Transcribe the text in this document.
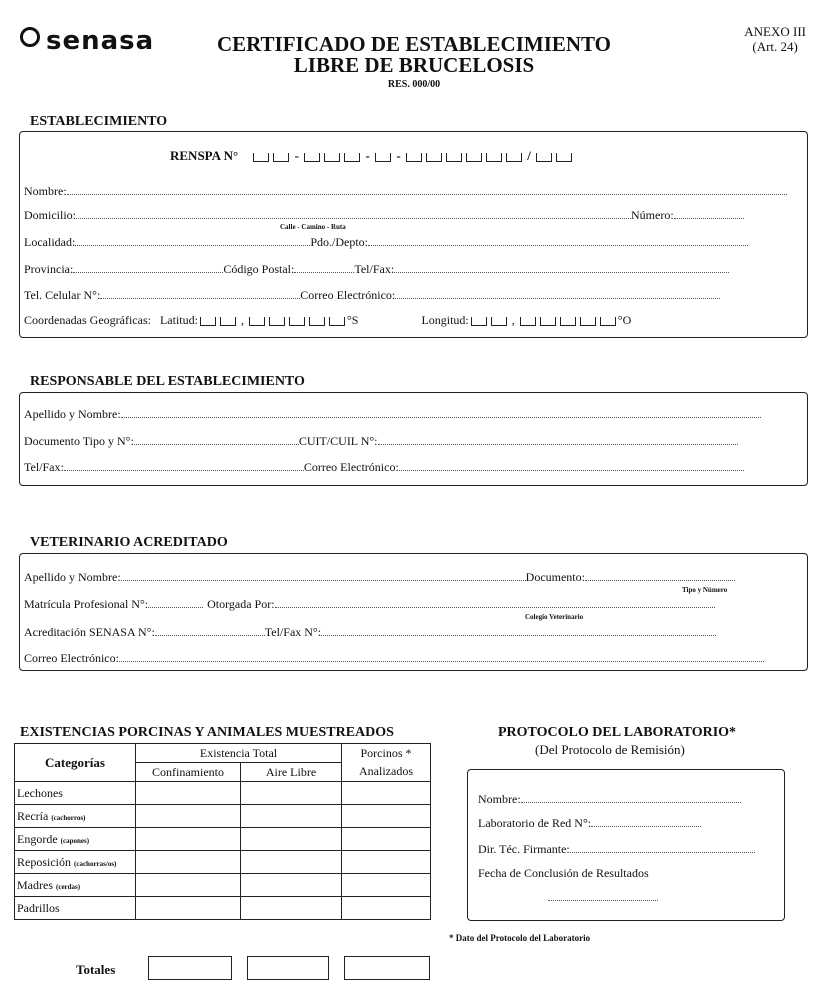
senasa	CERTIFICADO DE ESTABLECIMIENTO
LIBRE DE BRUCELOSIS
RES. 000/00
ANEXO III
(Art. 24)
ESTABLECIMIENTO
RENSPA N°	-	-  -	/
Nombre:
Domicilio:	Número:
Calle - Camino - Ruta
Localidad:	Pdo./Depto:
Provincia:	Código Postal:	Tel/Fax:
Tel. Celular N°:	Correo Electrónico:
Coordenadas Geográficas: Latitud:	,	°S	Longitud:	,	°O
RESPONSABLE DEL ESTABLECIMIENTO
Apellido y Nombre:
Documento Tipo y N°:	CUIT/CUIL N°:
Tel/Fax:	Correo Electrónico:
VETERINARIO ACREDITADO
Apellido y Nombre:	Documento:
Tipo y Número
Matrícula Profesional N°:	Otorgada Por:
Colegio Veterinario
Acreditación SENASA N°:	Tel/Fax N°:
Correo Electrónico:
EXISTENCIAS PORCINAS Y ANIMALES MUESTREADOS
Categorías	Existencia Total		Porcinos *
	Confinamiento	Aire Libre	Analizados
Lechones			
Recría (cachorros)			
Engorde (capones)			
Reposición (cachorras/os)			
Madres (cerdas)			
Padrillos			
Totales
PROTOCOLO DEL LABORATORIO*
(Del Protocolo de Remisión)
Nombre:
Laboratorio de Red N°:
Dir. Téc. Firmante:
Fecha de Conclusión de Resultados
* Dato del Protocolo del Laboratorio
